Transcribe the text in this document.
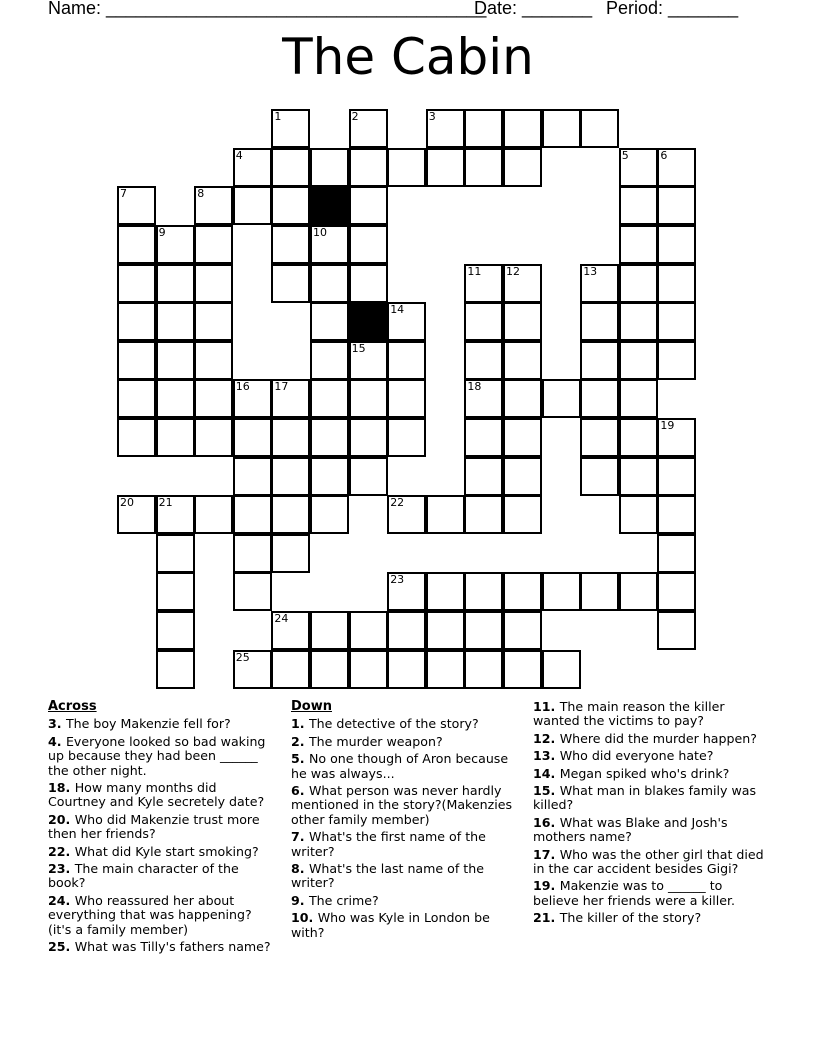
Name: ______________________________________
Date: _______ Period: _______
The Cabin
1	2	3
4	5	6
7	8
9	10
11 12	13
14
15
16 17	18
19
20 21	22
23
24
25
Across
3. The boy Makenzie fell for?
4. Everyone looked so bad waking up because they had been ______ the other night.
18. How many months did Courtney and Kyle secretely date?
20. Who did Makenzie trust more then her friends?
22. What did Kyle start smoking?
23. The main character of the book?
24. Who reassured her about everything that was happening? (it's a family member)
25. What was Tilly's fathers name?
Down
1. The detective of the story?
2. The murder weapon?
5. No one though of Aron because he was always...
6. What person was never hardly mentioned in the story?(Makenzies other family member)
7. What's the first name of the writer?
8. What's the last name of the writer?
9. The crime?
10. Who was Kyle in London be with?
11. The main reason the killer wanted the victims to pay?
12. Where did the murder happen?
13. Who did everyone hate?
14. Megan spiked who's drink?
15. What man in blakes family was killed?
16. What was Blake and Josh's mothers name?
17. Who was the other girl that died in the car accident besides Gigi?
19. Makenzie was to ______ to believe her friends were a killer.
21. The killer of the story?
